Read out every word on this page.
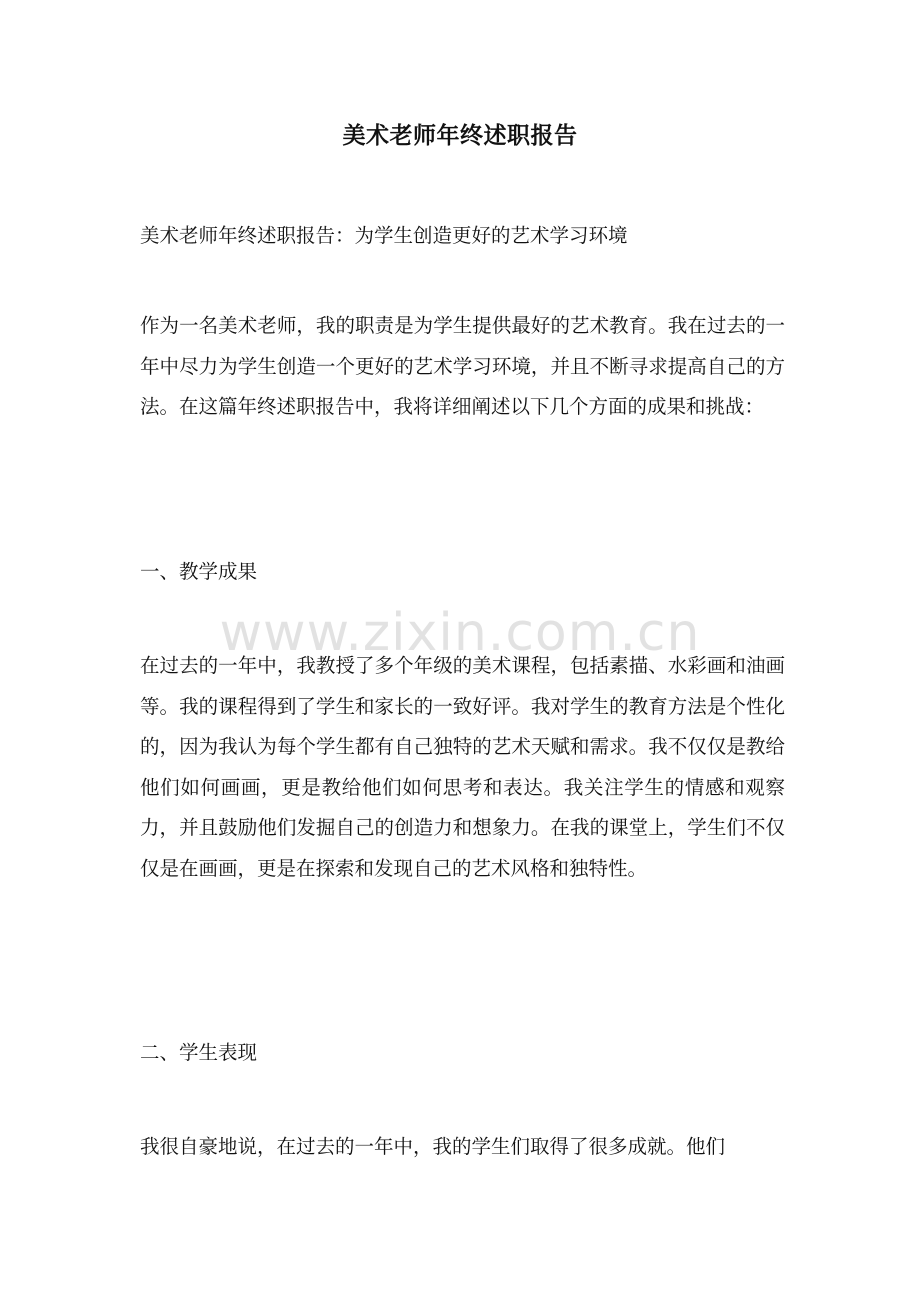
美术老师年终述职报告

美术老师年终述职报告：为学生创造更好的艺术学习环境

作为一名美术老师，我的职责是为学生提供最好的艺术教育。我在过去的一年中尽力为学生创造一个更好的艺术学习环境，并且不断寻求提高自己的方法。在这篇年终述职报告中，我将详细阐述以下几个方面的成果和挑战：

一、教学成果

在过去的一年中，我教授了多个年级的美术课程，包括素描、水彩画和油画等。我的课程得到了学生和家长的一致好评。我对学生的教育方法是个性化的，因为我认为每个学生都有自己独特的艺术天赋和需求。我不仅仅是教给他们如何画画，更是教给他们如何思考和表达。我关注学生的情感和观察力，并且鼓励他们发掘自己的创造力和想象力。在我的课堂上，学生们不仅仅是在画画，更是在探索和发现自己的艺术风格和独特性。

二、学生表现

我很自豪地说，在过去的一年中，我的学生们取得了很多成就。他们

www.zixin.com.cn
